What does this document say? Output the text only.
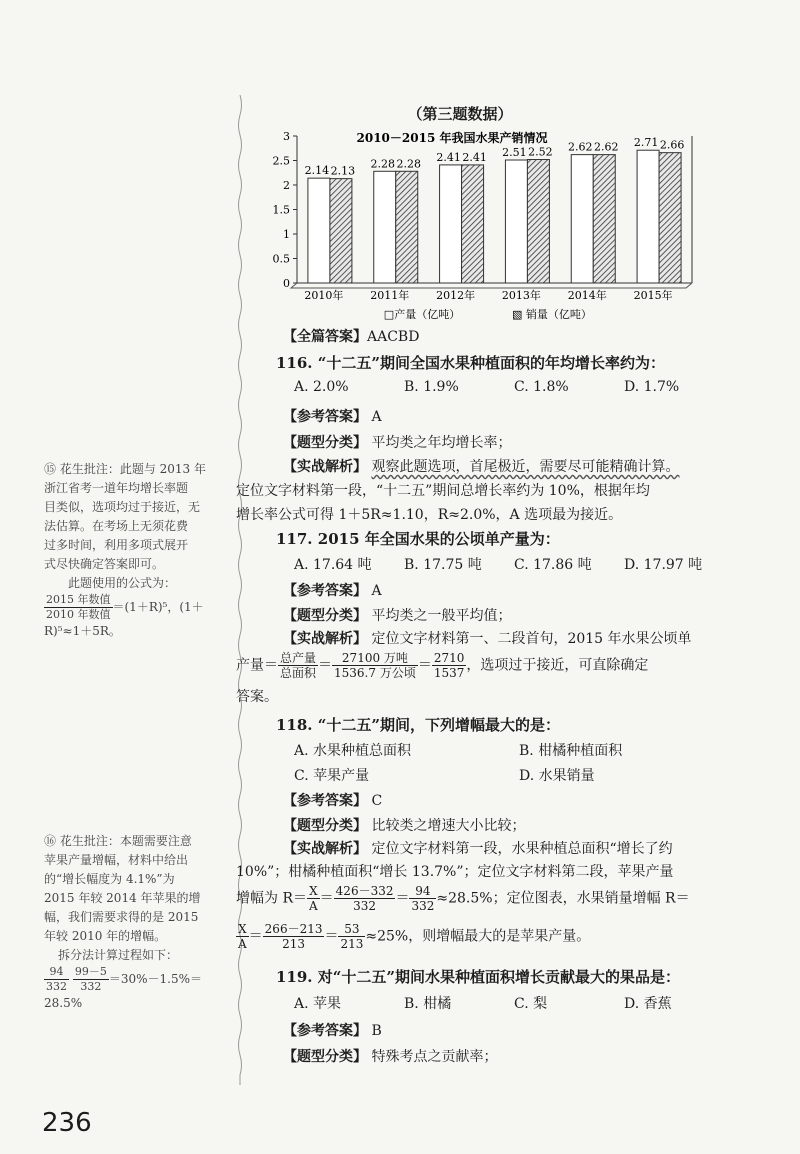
（第三题数据）
2010－2015 年我国水果产销情况
0
0.5
1
1.5
2
2.5
3
2.14 2.13
2010年
2.28 2.28
2011年
2.41 2.41
2012年
2.51 2.52
2013年
2.62 2.62
2014年
2.71 2.66
2015年
□产量（亿吨）	▧ 销量（亿吨）
【全篇答案】AACBD
116. “十二五”期间全国水果种植面积的年均增长率约为：
A. 2.0%	B. 1.9%	C. 1.8%	D. 1.7%
【参考答案】 A
【题型分类】 平均类之年均增长率；
【实战解析】 观察此题选项，首尾极近，需要尽可能精确计算。
定位文字材料第一段，“十二五”期间总增长率约为 10%，根据年均
增长率公式可得 1＋5R≈1.10，R≈2.0%，A 选项最为接近。
117. 2015 年全国水果的公顷单产量为：
A. 17.64 吨 B. 17.75 吨 C. 17.86 吨 D. 17.97 吨
【参考答案】 A
【题型分类】 平均类之一般平均值；
【实战解析】 定位文字材料第一、二段首句，2015 年水果公顷单
产量＝ $\frac{\text{总产量}}{\text{总面积}} = \frac{\text{27100 万吨}}{\text{1536.7 万公顷}} = \frac{2710}{1537}$ ，选项过于接近，可直除确定
答案。
118. “十二五”期间，下列增幅最大的是：
A. 水果种植总面积	B. 柑橘种植面积
C. 苹果产量	D. 水果销量
【参考答案】 C
【题型分类】 比较类之增速大小比较；
【实战解析】 定位文字材料第一段，水果种植总面积“增长了约
10%”；柑橘种植面积“增长 13.7%”；定位文字材料第二段，苹果产量
增幅为 $R= \frac{X}{A} = \frac{426-332}{332} = \frac{94}{332} \approx 28.5\%$；定位图表，水果销量增幅 R＝
$\frac{X}{A} = \frac{266-213}{213} = \frac{53}{213} \approx 25\%$，则增幅最大的是苹果产量。
119. 对“十二五”期间水果种植面积增长贡献最大的果品是：
A. 苹果	B. 柑橘	C. 梨	D. 香蕉
【参考答案】 B
【题型分类】 特殊考点之贡献率；
⑮ 花生批注：此题与 2013 年
浙江省考一道年均增长率题
目类似，选项均过于接近，无
法估算。在考场上无须花费
过多时间，利用多项式展开
式尽快确定答案即可。
此题使用的公式为：
$\frac{\text{2015 年数值}}{\text{2010 年数值}} =(1+R)^5$，(1＋
R)⁵≈1＋5R。
⑯ 花生批注：本题需要注意
苹果产量增幅，材料中给出
的“增长幅度为 4.1%”为
2015 年较 2014 年苹果的增
幅，我们需要求得的是 2015
年较 2010 年的增幅。
拆分法计算过程如下：
$\frac{94}{332}$
$\frac{99-5}{332} =30\%-1.5\%=$
28.5%
236
